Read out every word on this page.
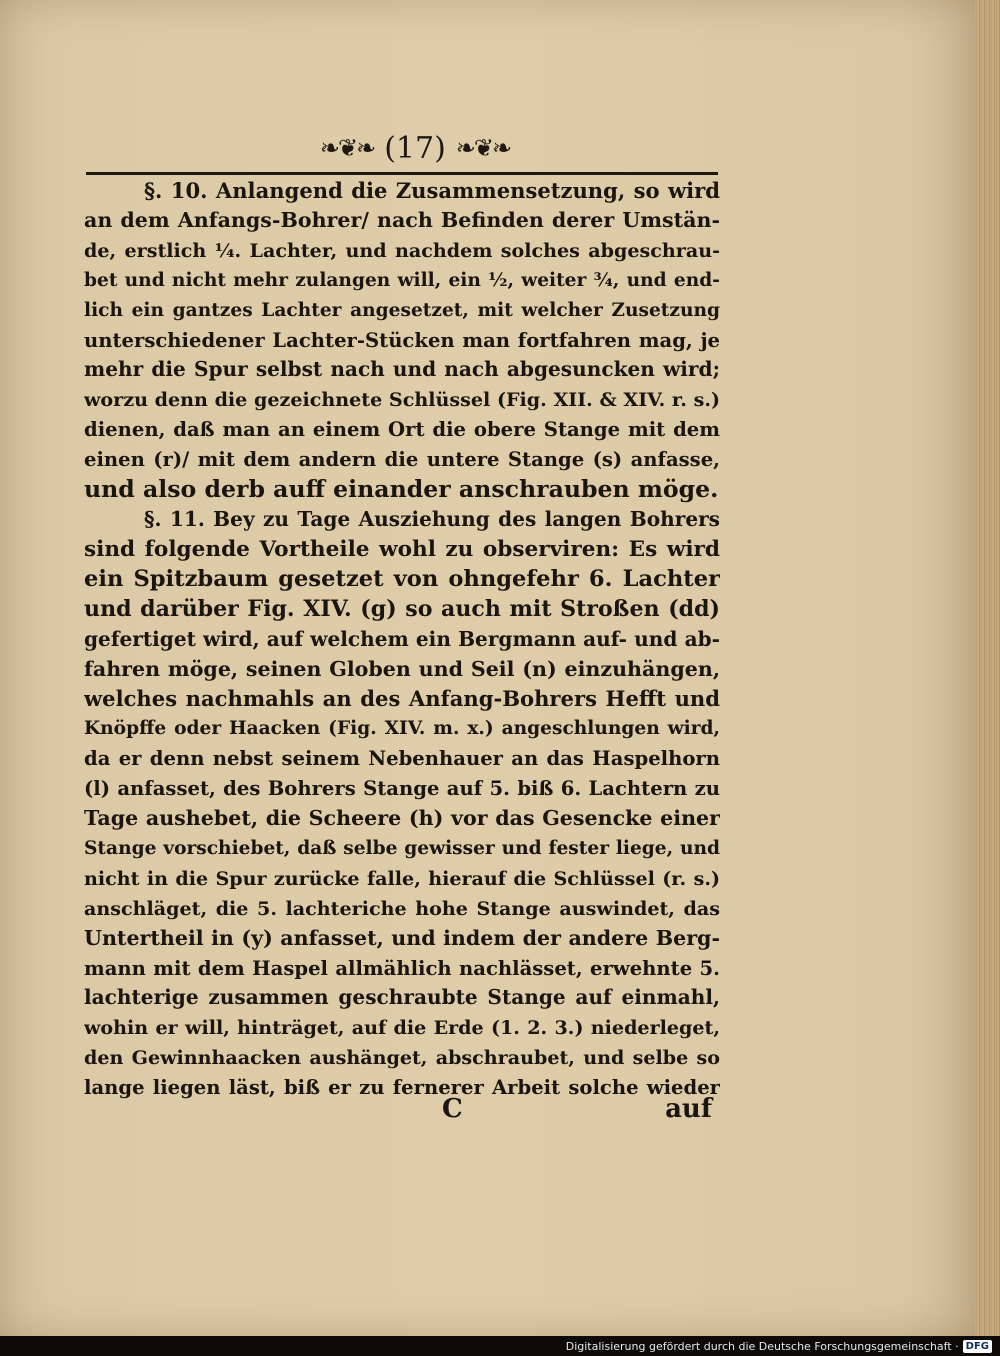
❧❦❧ (17) ❧❦❧
§. 10. Anlangend die Zusammensetzung, so wird
an dem Anfangs-Bohrer/ nach Befinden derer Umstän-
de, erstlich ¼. Lachter, und nachdem solches abgeschrau-
bet und nicht mehr zulangen will, ein ½, weiter ¾, und end-
lich ein gantzes Lachter angesetzet, mit welcher Zusetzung
unterschiedener Lachter-Stücken man fortfahren mag, je
mehr die Spur selbst nach und nach abgesuncken wird;
worzu denn die gezeichnete Schlüssel (Fig. XII. & XIV. r. s.)
dienen, daß man an einem Ort die obere Stange mit dem
einen (r)/ mit dem andern die untere Stange (s) anfasse,
und also derb auff einander anschrauben möge.
§. 11. Bey zu Tage Ausziehung des langen Bohrers
sind folgende Vortheile wohl zu observiren: Es wird
ein Spitzbaum gesetzet von ohngefehr 6. Lachter
und darüber Fig. XIV. (g) so auch mit Stroßen (dd)
gefertiget wird, auf welchem ein Bergmann auf- und ab-
fahren möge, seinen Globen und Seil (n) einzuhängen,
welches nachmahls an des Anfang-Bohrers Hefft und
Knöpffe oder Haacken (Fig. XIV. m. x.) angeschlungen wird,
da er denn nebst seinem Nebenhauer an das Haspelhorn
(l) anfasset, des Bohrers Stange auf 5. biß 6. Lachtern zu
Tage aushebet, die Scheere (h) vor das Gesencke einer
Stange vorschiebet, daß selbe gewisser und fester liege, und
nicht in die Spur zurücke falle, hierauf die Schlüssel (r. s.)
anschläget, die 5. lachteriche hohe Stange auswindet, das
Untertheil in (y) anfasset, und indem der andere Berg-
mann mit dem Haspel allmählich nachlässet, erwehnte 5.
lachterige zusammen geschraubte Stange auf einmahl,
wohin er will, hinträget, auf die Erde (1. 2. 3.) niederleget,
den Gewinnhaacken aushänget, abschraubet, und selbe so
lange liegen läst, biß er zu fernerer Arbeit solche wieder
C	auf
Digitalisierung gefördert durch die Deutsche Forschungsgemeinschaft · DFG
